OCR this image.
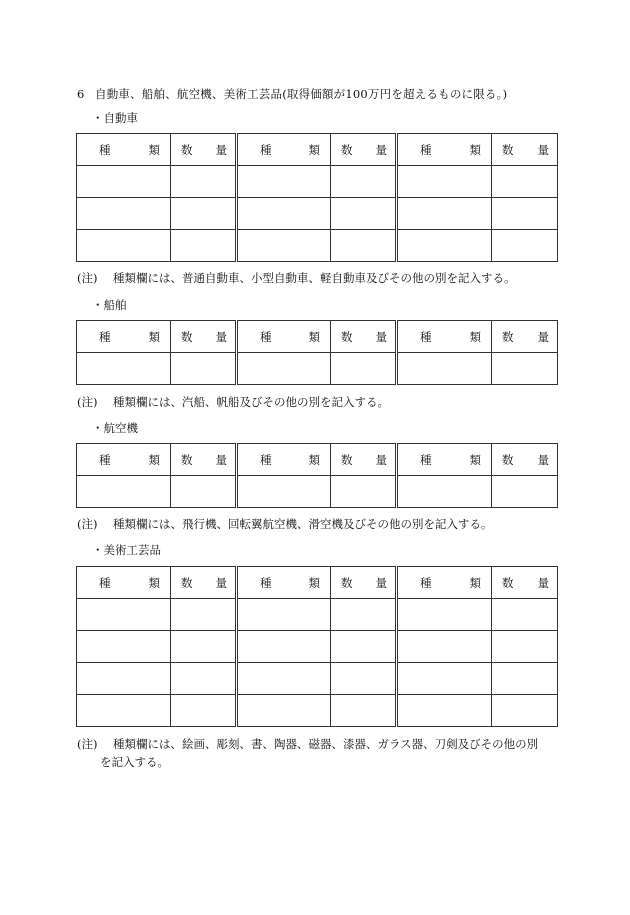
6 自動車、船舶、航空機、美術工芸品(取得価額が100万円を超えるものに限る。)
・自動車
種 類	数 量	種 類	数 量	種 類	数 量

(注) 種類欄には、普通自動車、小型自動車、軽自動車及びその他の別を記入する。
・船舶
種 類	数 量	種 類	数 量	種 類	数 量

(注) 種類欄には、汽船、帆船及びその他の別を記入する。
・航空機
種 類	数 量	種 類	数 量	種 類	数 量

(注) 種類欄には、飛行機、回転翼航空機、滑空機及びその他の別を記入する。
・美術工芸品
種 類	数 量	種 類	数 量	種 類	数 量

(注) 種類欄には、絵画、彫刻、書、陶器、磁器、漆器、ガラス器、刀剣及びその他の別
を記入する。
